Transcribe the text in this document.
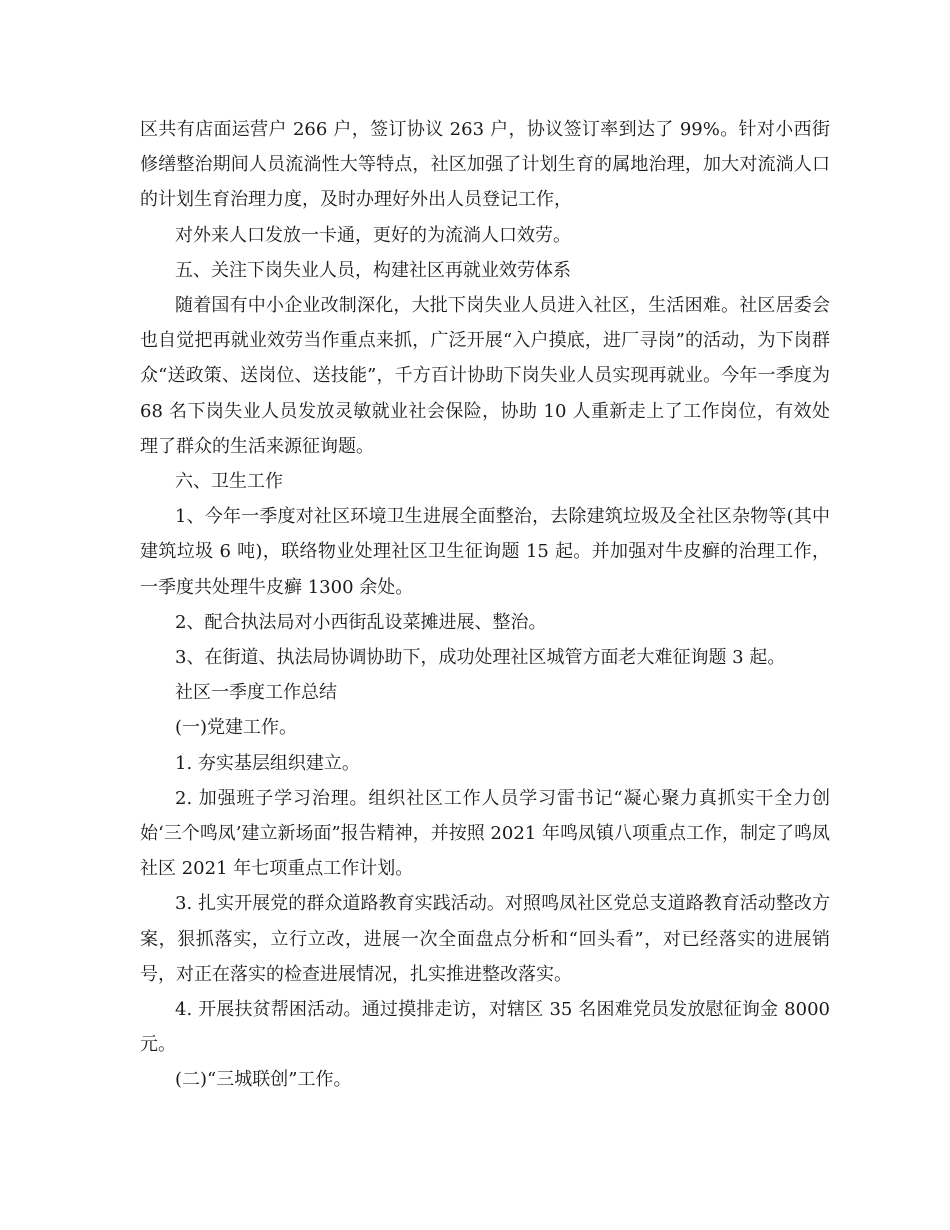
区共有店面运营户 266 户，签订协议 263 户，协议签订率到达了 99%。针对小西街修缮整治期间人员流淌性大等特点，社区加强了计划生育的属地治理，加大对流淌人口的计划生育治理力度，及时办理好外出人员登记工作，

对外来人口发放一卡通，更好的为流淌人口效劳。

五、关注下岗失业人员，构建社区再就业效劳体系

随着国有中小企业改制深化，大批下岗失业人员进入社区，生活困难。社区居委会也自觉把再就业效劳当作重点来抓，广泛开展“入户摸底，进厂寻岗”的活动，为下岗群众“送政策、送岗位、送技能”，千方百计协助下岗失业人员实现再就业。今年一季度为 68 名下岗失业人员发放灵敏就业社会保险，协助 10 人重新走上了工作岗位，有效处理了群众的生活来源征询题。

六、卫生工作

1、今年一季度对社区环境卫生进展全面整治，去除建筑垃圾及全社区杂物等(其中建筑垃圾 6 吨)，联络物业处理社区卫生征询题 15 起。并加强对牛皮癣的治理工作，一季度共处理牛皮癣 1300 余处。

2、配合执法局对小西街乱设菜摊进展、整治。

3、在街道、执法局协调协助下，成功处理社区城管方面老大难征询题 3 起。

社区一季度工作总结

(一)党建工作。

1. 夯实基层组织建立。

2. 加强班子学习治理。组织社区工作人员学习雷书记“凝心聚力真抓实干全力创始‘三个鸣凤’建立新场面”报告精神，并按照 2021 年鸣凤镇八项重点工作，制定了鸣凤社区 2021 年七项重点工作计划。

3. 扎实开展党的群众道路教育实践活动。对照鸣凤社区党总支道路教育活动整改方案，狠抓落实，立行立改，进展一次全面盘点分析和“回头看”，对已经落实的进展销号，对正在落实的检查进展情况，扎实推进整改落实。

4. 开展扶贫帮困活动。通过摸排走访，对辖区 35 名困难党员发放慰征询金 8000 元。

(二)“三城联创”工作。
